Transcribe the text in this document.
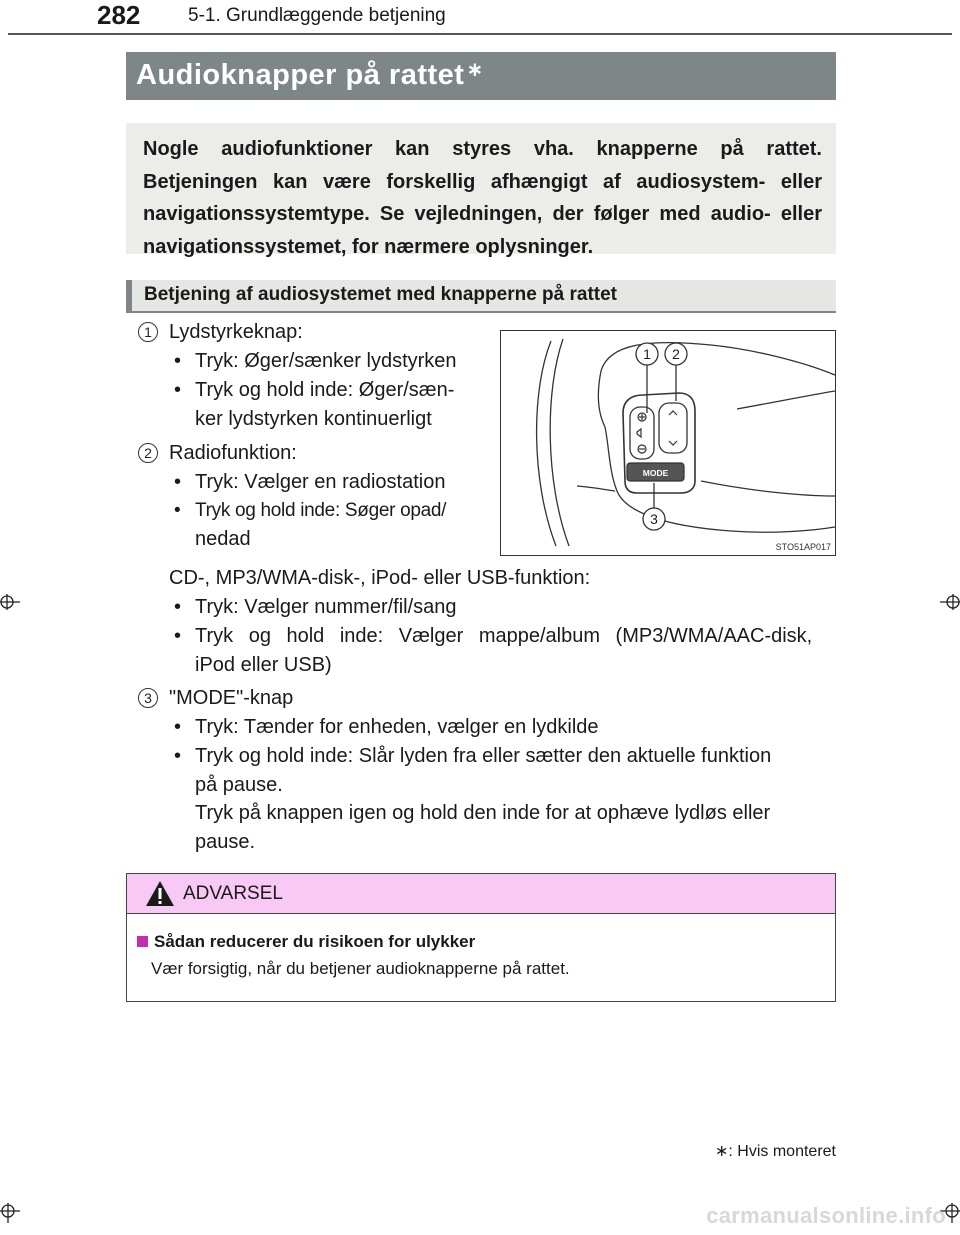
282	5-1. Grundlæggende betjening
Audioknapper på rattet ∗

Nogle audiofunktioner kan styres vha. knapperne på rattet. Betjeningen kan være forskellig afhængigt af audiosystem- eller navigationssystemtype. Se vejledningen, der følger med audio- eller navigationssystemet, for nærmere oplysninger.

Betjening af audiosystemet med knapperne på rattet
1 Lydstyrkeknap:
• Tryk: Øger/sænker lydstyrken
• Tryk og hold inde: Øger/sæn-
ker lydstyrken kontinuerligt
2 Radiofunktion:
• Tryk: Vælger en radiostation
• Tryk og hold inde: Søger opad/
nedad
CD-, MP3/WMA-disk-, iPod- eller USB-funktion:
• Tryk: Vælger nummer/fil/sang
• Tryk og hold inde: Vælger mappe/album (MP3/WMA/AAC-disk,
iPod eller USB)
3 "MODE"-knap
• Tryk: Tænder for enheden, vælger en lydkilde
• Tryk og hold inde: Slår lyden fra eller sætter den aktuelle funktion
på pause.
Tryk på knappen igen og hold den inde for at ophæve lydløs eller
pause.
MODE
1 2
3
STO51AP017
ADVARSEL
Sådan reducerer du risikoen for ulykker
Vær forsigtig, når du betjener audioknapperne på rattet.
∗: Hvis monteret
carmanualsonline.info
